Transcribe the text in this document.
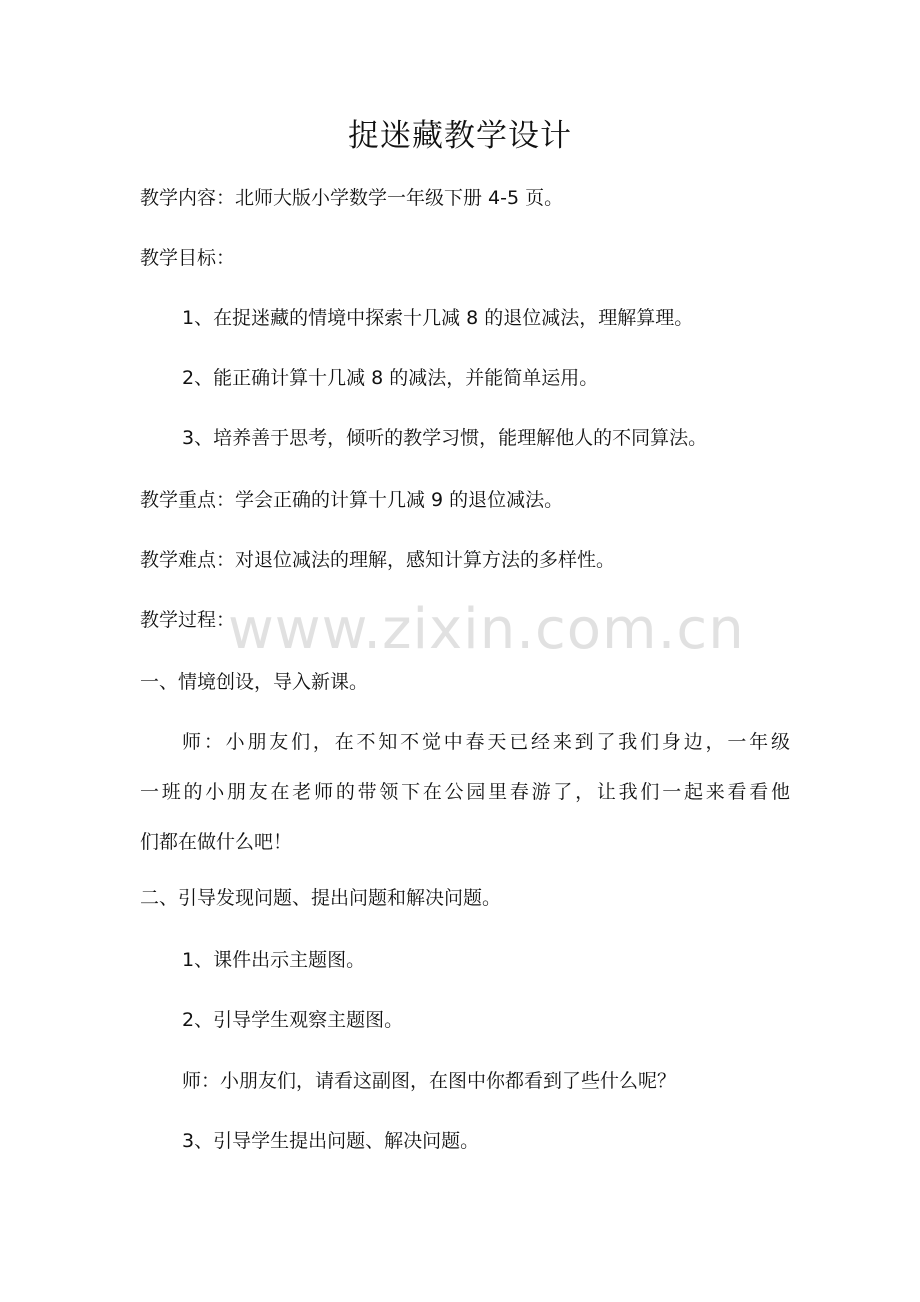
捉迷藏教学设计
教学内容：北师大版小学数学一年级下册 4-5 页。
教学目标：
1、在捉迷藏的情境中探索十几减 8 的退位减法，理解算理。
2、能正确计算十几减 8 的减法，并能简单运用。
3、培养善于思考，倾听的教学习惯，能理解他人的不同算法。
教学重点：学会正确的计算十几减 9 的退位减法。
教学难点：对退位减法的理解，感知计算方法的多样性。
教学过程：
一、情境创设，导入新课。
师：小朋友们，在不知不觉中春天已经来到了我们身边，一年级
一班的小朋友在老师的带领下在公园里春游了，让我们一起来看看他
们都在做什么吧！
二、引导发现问题、提出问题和解决问题。
1、课件出示主题图。
2、引导学生观察主题图。
师：小朋友们，请看这副图，在图中你都看到了些什么呢？
3、引导学生提出问题、解决问题。
www.zixin.com.cn
